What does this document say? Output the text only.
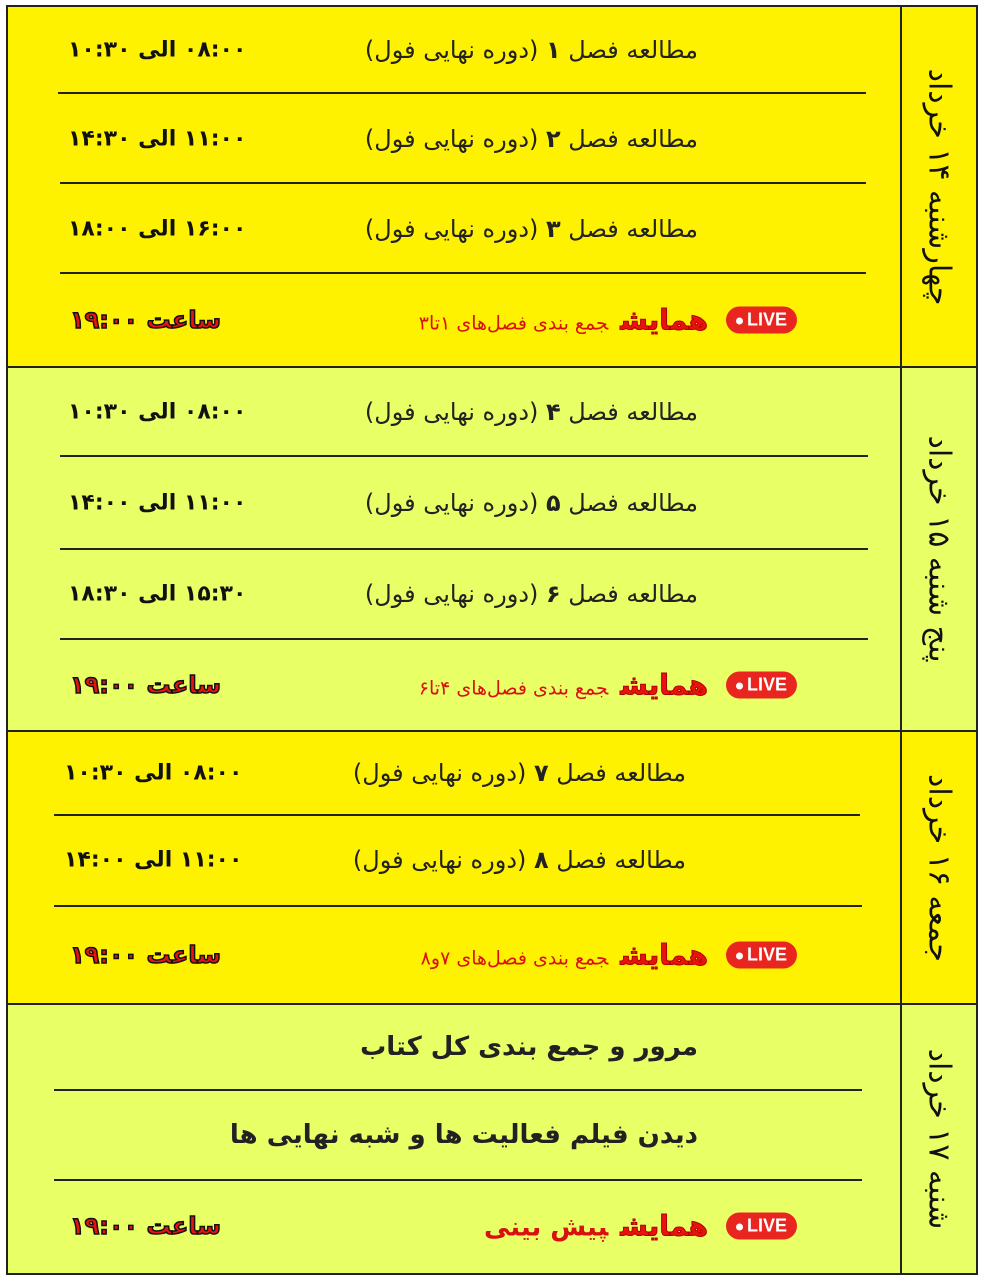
چهارشنبه ۱۴ خرداد
مطالعه فصل ۱ (دوره نهایی فول)
۰۸:۰۰ الی ۱۰:۳۰
مطالعه فصل ۲ (دوره نهایی فول)
۱۱:۰۰ الی ۱۴:۳۰
مطالعه فصل ۳ (دوره نهایی فول)
۱۶:۰۰ الی ۱۸:۰۰
LIVE
همایشجمع بندی فصل‌های ۱تا۳
ساعت ۱۹:۰۰
پنج شنبه ۱۵ خرداد
مطالعه فصل ۴ (دوره نهایی فول)
۰۸:۰۰ الی ۱۰:۳۰
مطالعه فصل ۵ (دوره نهایی فول)
۱۱:۰۰ الی ۱۴:۰۰
مطالعه فصل ۶ (دوره نهایی فول)
۱۵:۳۰ الی ۱۸:۳۰
LIVE
همایشجمع بندی فصل‌های ۴تا۶
ساعت ۱۹:۰۰
جمعه ۱۶ خرداد
مطالعه فصل ۷ (دوره نهایی فول)
۰۸:۰۰ الی ۱۰:۳۰
مطالعه فصل ۸ (دوره نهایی فول)
۱۱:۰۰ الی ۱۴:۰۰
LIVE
همایشجمع بندی فصل‌های ۷و۸
ساعت ۱۹:۰۰
شنبه ۱۷ خرداد
مرور و جمع بندی کل کتاب
دیدن فیلم فعالیت ها و شبه نهایی ها
LIVE
همایشپیش بینی
ساعت ۱۹:۰۰
